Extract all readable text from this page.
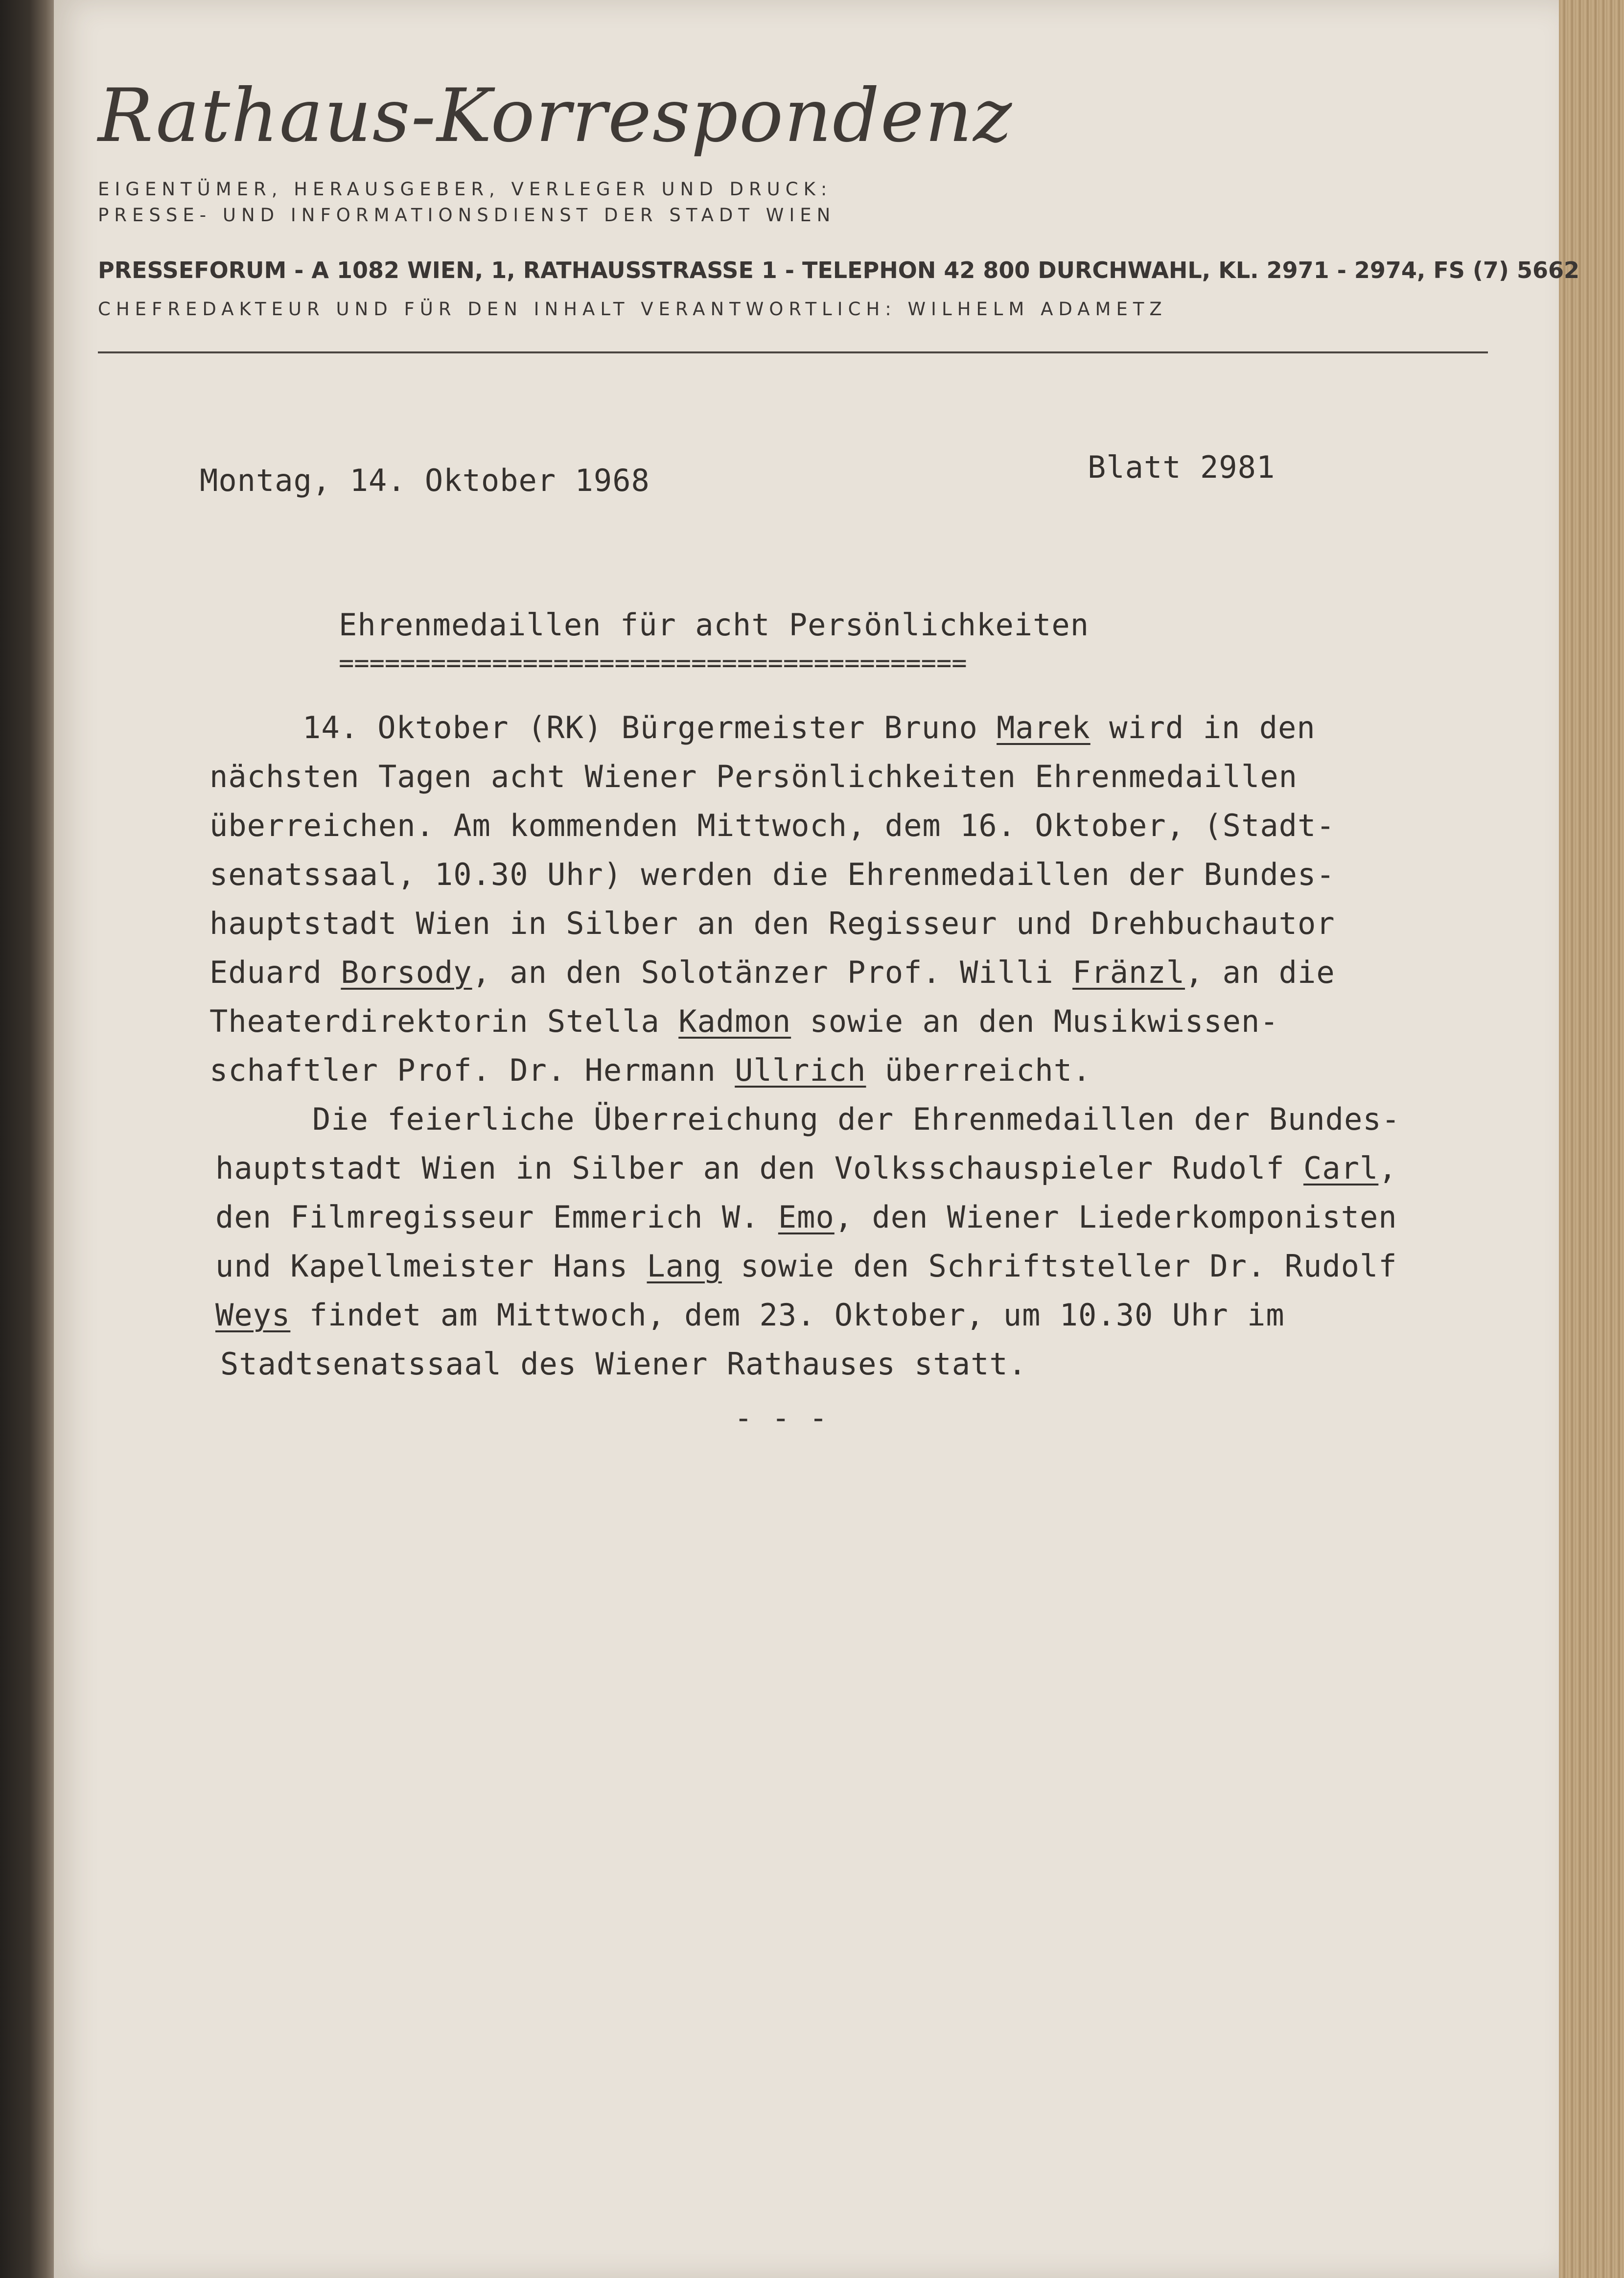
Rathaus-Korrespondenz
EIGENTÜMER, HERAUSGEBER, VERLEGER UND DRUCK:
PRESSE- UND INFORMATIONSDIENST DER STADT WIEN
PRESSEFORUM - A 1082 WIEN, 1, RATHAUSSTRASSE 1 - TELEPHON 42 800 DURCHWAHL, KL. 2971 - 2974, FS (7) 5662
CHEFREDAKTEUR UND FÜR DEN INHALT VERANTWORTLICH: WILHELM ADAMETZ
Montag, 14. Oktober 1968	Blatt 2981
Ehrenmedaillen für acht Persönlichkeiten
=========================================
14. Oktober (RK) Bürgermeister Bruno Marek wird in den
nächsten Tagen acht Wiener Persönlichkeiten Ehrenmedaillen
überreichen. Am kommenden Mittwoch, dem 16. Oktober, (Stadt-
senatssaal, 10.30 Uhr) werden die Ehrenmedaillen der Bundes-
hauptstadt Wien in Silber an den Regisseur und Drehbuchautor
Eduard Borsody, an den Solotänzer Prof. Willi Fränzl, an die
Theaterdirektorin Stella Kadmon sowie an den Musikwissen-
schaftler Prof. Dr. Hermann Ullrich überreicht.
Die feierliche Überreichung der Ehrenmedaillen der Bundes-
hauptstadt Wien in Silber an den Volksschauspieler Rudolf Carl,
den Filmregisseur Emmerich W. Emo, den Wiener Liederkomponisten
und Kapellmeister Hans Lang sowie den Schriftsteller Dr. Rudolf
Weys findet am Mittwoch, dem 23. Oktober, um 10.30 Uhr im
Stadtsenatssaal des Wiener Rathauses statt.
- - -
